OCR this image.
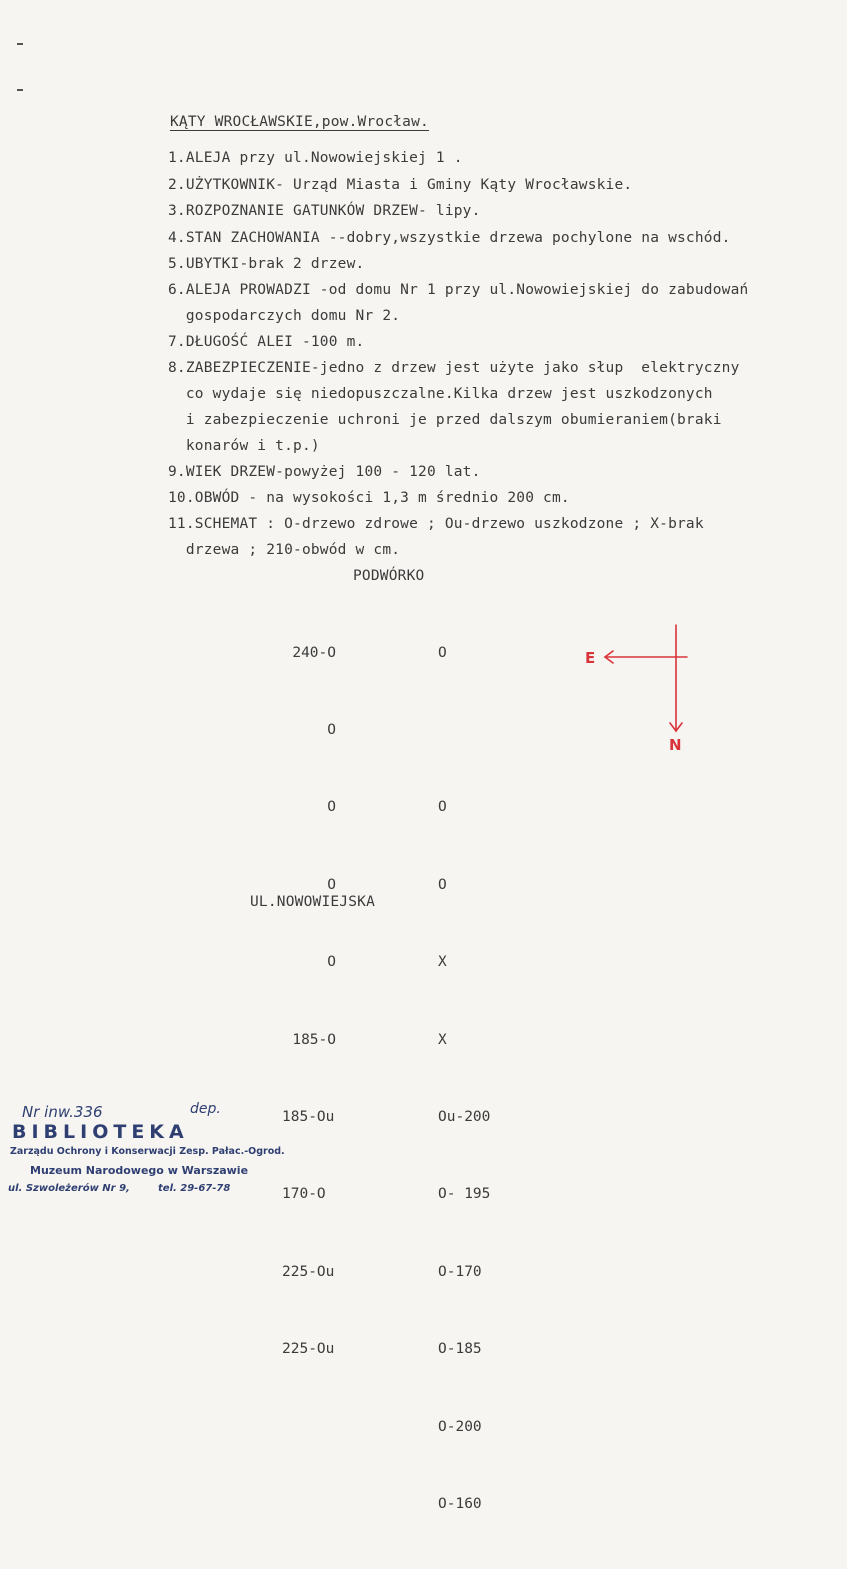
KĄTY WROCŁAWSKIE,pow.Wrocław.
1.ALEJA przy ul.Nowowiejskiej 1 .
2.UŻYTKOWNIK- Urząd Miasta i Gminy Kąty Wrocławskie.
3.ROZPOZNANIE GATUNKÓW DRZEW- lipy.
4.STAN ZACHOWANIA --dobry,wszystkie drzewa pochylone na wschód.
5.UBYTKI-brak 2 drzew.
6.ALEJA PROWADZI -od domu Nr 1 przy ul.Nowowiejskiej do zabudowań
gospodarczych domu Nr 2.
7.DŁUGOŚĆ ALEI -100 m.
8.ZABEZPIECZENIE-jedno z drzew jest użyte jako słup  elektryczny
co wydaje się niedopuszczalne.Kilka drzew jest uszkodzonych
i zabezpieczenie uchroni je przed dalszym obumieraniem(braki
konarów i t.p.)
9.WIEK DRZEW-powyżej 100 - 120 lat.
10.OBWÓD - na wysokości 1,3 m średnio 200 cm.
11.SCHEMAT : O-drzewo zdrowe ; Ou-drzewo uszkodzone ; X-brak
drzewa ; 210-obwód w cm.
PODWÓRKO

240-O

O

O

O

O

185-O

185-Ou

170-O

225-Ou

225-Ou

O

O

O

X

X

Ou-200

O- 195

O-170

O-185

O-200

O-160

UL.NOWOWIEJSKA
E
N
Nr inw.336	dep.
BIBLIOTEKA
Zarządu Ochrony i Konserwacji Zesp. Pałac.-Ogrod.
Muzeum Narodowego w Warszawie
ul. Szwoleżerów Nr 9,	tel. 29-67-78
